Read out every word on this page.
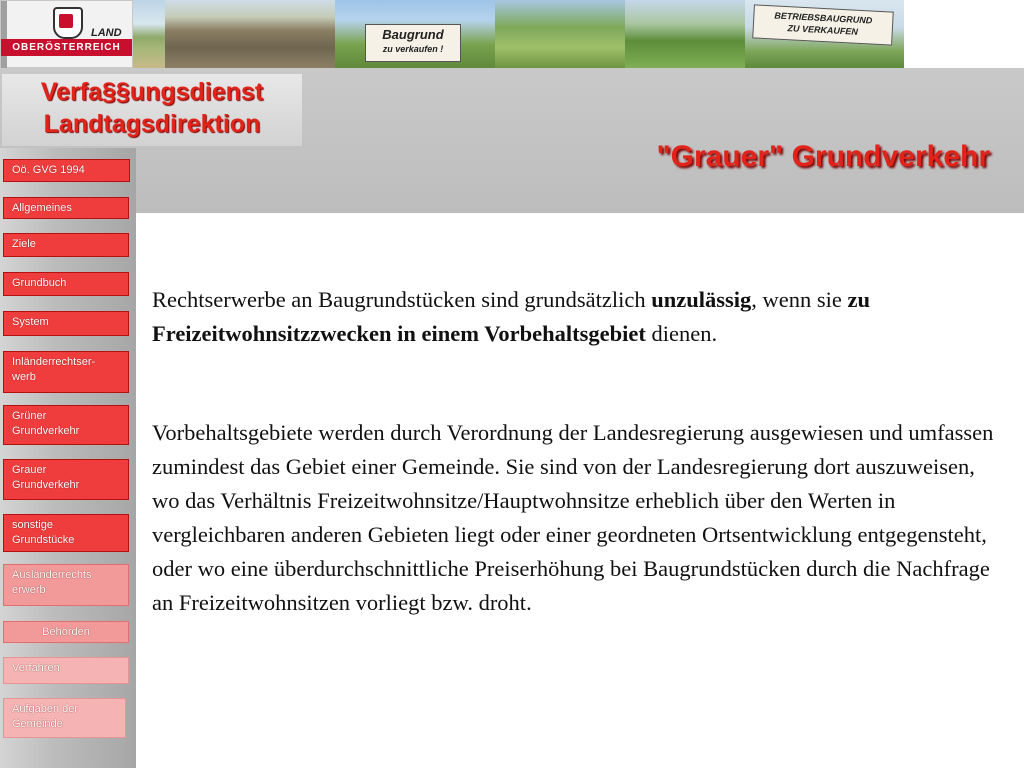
LAND
OBERÖSTERREICH
Baugrund
zu verkaufen !
BETRIEBSBAUGRUND
ZU VERKAUFEN
Verfa§§ungsdienst
Landtagsdirektion
"Grauer" Grundverkehr
Oö. GVG 1994
Allgemeines
Ziele
Grundbuch
System
Inländerrechtser-
werb
Grüner
Grundverkehr
Grauer
Grundverkehr
sonstige
Grundstücke
Ausländerrechts
erwerb
Behörden
Verfahren
Aufgaben der
Gemeinde

Rechtserwerbe an Baugrundstücken sind grundsätzlich unzulässig, wenn sie zu Freizeitwohnsitzzwecken in einem Vorbehaltsgebiet dienen.

Vorbehaltsgebiete werden durch Verordnung der Landesregierung ausgewiesen und umfassen zumindest das Gebiet einer Gemeinde. Sie sind von der Landesregierung dort auszuweisen, wo das Verhältnis Freizeitwohnsitze/Hauptwohnsitze erheblich über den Werten in vergleichbaren anderen Gebieten liegt oder einer geordneten Ortsentwicklung entgegensteht, oder wo eine überdurchschnittliche Preiserhöhung bei Baugrundstücken durch die Nachfrage an Freizeitwohnsitzen vorliegt bzw. droht.
